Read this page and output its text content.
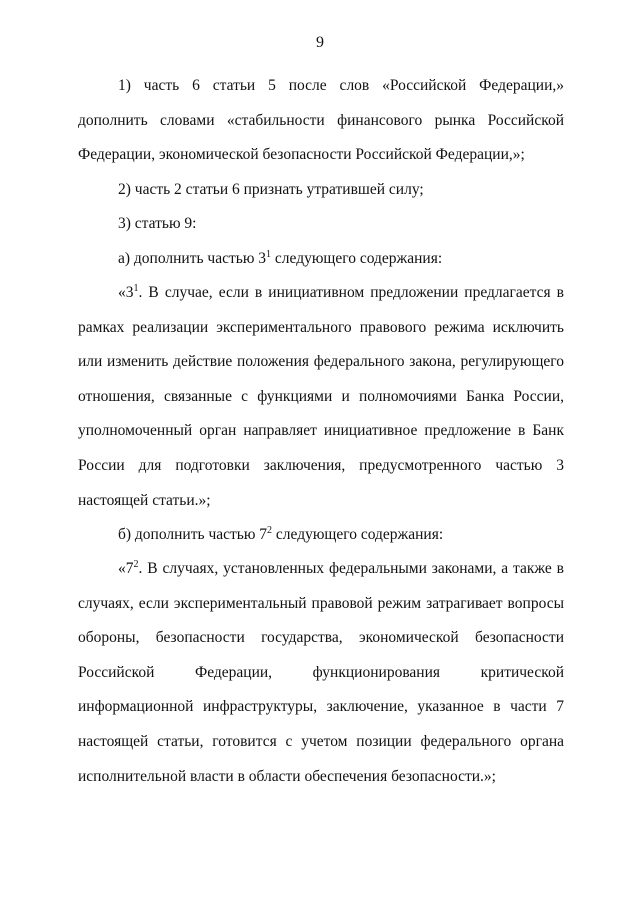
9

1) часть 6 статьи 5 после слов «Российской Федерации,» дополнить словами «стабильности финансового рынка Российской Федерации, экономической безопасности Российской Федерации,»;

2) часть 2 статьи 6 признать утратившей силу;

3) статью 9:

а) дополнить частью $3^1$ следующего содержания:

«$3^1$. В случае, если в инициативном предложении предлагается в рамках реализации экспериментального правового режима исключить или изменить действие положения федерального закона, регулирующего отношения, связанные с функциями и полномочиями Банка России, уполномоченный орган направляет инициативное предложение в Банк России для подготовки заключения, предусмотренного частью 3 настоящей статьи.»;

б) дополнить частью $7^2$ следующего содержания:

«$7^2$. В случаях, установленных федеральными законами, а также в случаях, если экспериментальный правовой режим затрагивает вопросы обороны, безопасности государства, экономической безопасности Российской Федерации, функционирования критической информационной инфраструктуры, заключение, указанное в части 7 настоящей статьи, готовится с учетом позиции федерального органа исполнительной власти в области обеспечения безопасности.»;
